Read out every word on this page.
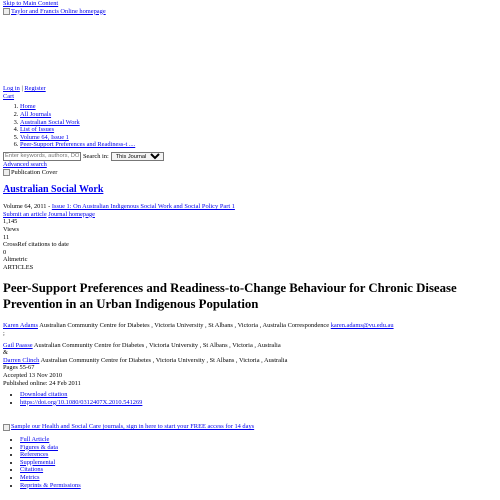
Skip to Main Content
Taylor and Francis Online homepage
Log in | Register
Cart
1. Home
2. All Journals
3. Australian Social Work
4. List of Issues
5. Volume 64, Issue 1
6. Peer-Support Preferences and Readiness-t ....
Enter keywords, authors, DOI, ORCID etc
Search in:
This Journal
Advanced search
Publication Cover
Australian Social Work
Volume 64, 2011 - Issue 1: On Australian Indigenous Social Work and Social Policy Part 1
Submit an article Journal homepage
1,145
Views
11
CrossRef citations to date
0
Altmetric
ARTICLES
Peer-Support Preferences and Readiness-to-Change Behaviour for Chronic Disease Prevention in an Urban Indigenous Population
Karen Adams Australian Community Centre for Diabetes , Victoria University , St Albans , Victoria , Australia Correspondence karen.adams@vu.edu.au
;
Gail Paasse Australian Community Centre for Diabetes , Victoria University , St Albans , Victoria , Australia
&
Darren Clinch Australian Community Centre for Diabetes , Victoria University , St Albans , Victoria , Australia
Pages 55-67
Accepted 13 Nov 2010
Published online: 24 Feb 2011
• Download citation
• https://doi.org/10.1080/0312407X.2010.541269
Sample our Health and Social Care journals, sign in here to start your FREE access for 14 days
• Full Article
• Figures & data
• References
• Supplemental
• Citations
• Metrics
• Reprints & Permissions
